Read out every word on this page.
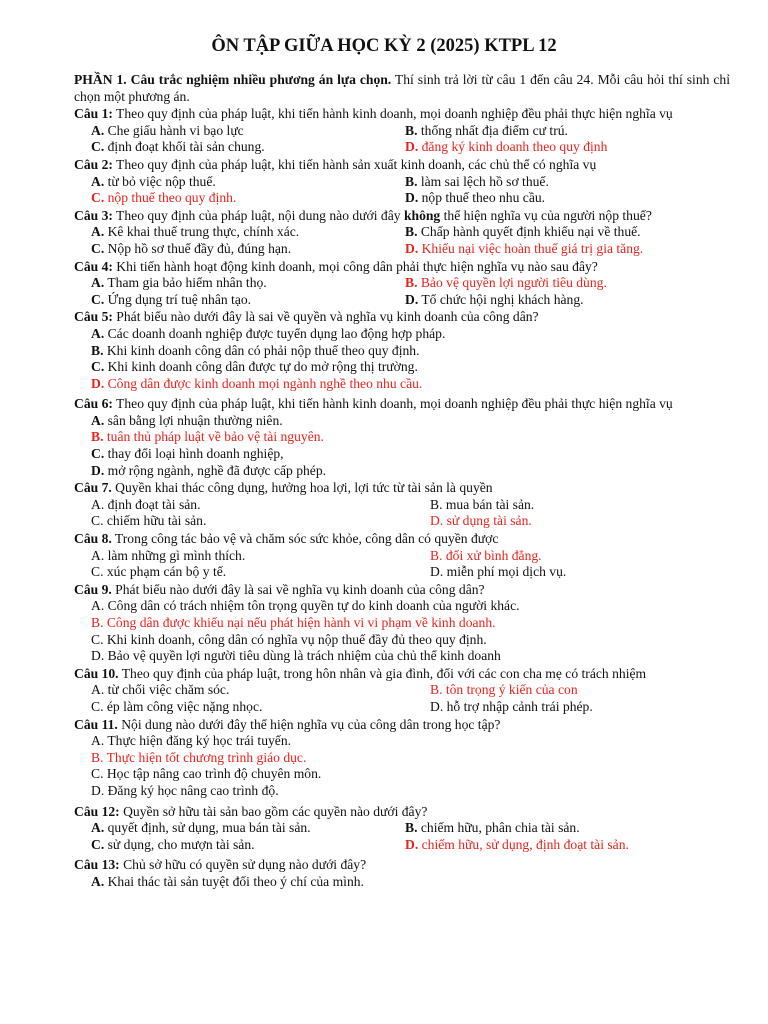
ÔN TẬP GIỮA HỌC KỲ 2 (2025) KTPL 12
PHẦN 1. Câu trắc nghiệm nhiều phương án lựa chọn. Thí sinh trả lời từ câu 1 đến câu 24. Mỗi câu hỏi thí sinh chỉ chọn một phương án.
Câu 1: Theo quy định của pháp luật, khi tiến hành kinh doanh, mọi doanh nghiệp đều phải thực hiện nghĩa vụ
A. Che giấu hành vi bạo lực	B. thống nhất địa điểm cư trú.
C. định đoạt khối tài sản chung.	D. đăng ký kinh doanh theo quy định
Câu 2: Theo quy định của pháp luật, khi tiến hành sản xuất kinh doanh, các chủ thể có nghĩa vụ
A. từ bỏ việc nộp thuế.	B. làm sai lệch hồ sơ thuế.
C. nộp thuế theo quy định.	D. nộp thuế theo nhu cầu.
Câu 3: Theo quy định của pháp luật, nội dung nào dưới đây không thể hiện nghĩa vụ của người nộp thuế?
A. Kê khai thuế trung thực, chính xác.	B. Chấp hành quyết định khiếu nại về thuế.
C. Nộp hồ sơ thuế đầy đủ, đúng hạn.	D. Khiếu nại việc hoàn thuế giá trị gia tăng.
Câu 4: Khi tiến hành hoạt động kinh doanh, mọi công dân phải thực hiện nghĩa vụ nào sau đây?
A. Tham gia bảo hiểm nhân thọ.	B. Bảo vệ quyền lợi người tiêu dùng.
C. Ứng dụng trí tuệ nhân tạo.	D. Tổ chức hội nghị khách hàng.
Câu 5: Phát biểu nào dưới đây là sai về quyền và nghĩa vụ kinh doanh của công dân?
A. Các doanh doanh nghiệp được tuyển dụng lao động hợp pháp.
B. Khi kinh doanh công dân có phải nộp thuế theo quy định.
C. Khi kinh doanh công dân được tự do mở rộng thị trường.
D. Công dân được kinh doanh mọi ngành nghề theo nhu cầu.
Câu 6: Theo quy định của pháp luật, khi tiến hành kinh doanh, mọi doanh nghiệp đều phải thực hiện nghĩa vụ
A. sân bằng lợi nhuận thường niên.
B. tuân thủ pháp luật về bảo vệ tài nguyên.
C. thay đổi loại hình doanh nghiệp,
D. mở rộng ngành, nghề đã được cấp phép.
Câu 7. Quyền khai thác công dụng, hưởng hoa lợi, lợi tức từ tài sản là quyền
A. định đoạt tài sản.	B. mua bán tài sản.
C. chiếm hữu tài sản.	D. sử dụng tài sản.
Câu 8. Trong công tác bảo vệ và chăm sóc sức khỏe, công dân có quyền được
A. làm những gì mình thích.	B. đối xử bình đẳng.
C. xúc phạm cán bộ y tế.	D. miễn phí mọi dịch vụ.
Câu 9. Phát biểu nào dưới đây là sai về nghĩa vụ kinh doanh của công dân?
A. Công dân có trách nhiệm tôn trọng quyền tự do kinh doanh của người khác.
B. Công dân được khiếu nại nếu phát hiện hành vi vi phạm về kinh doanh.
C. Khi kinh doanh, công dân có nghĩa vụ nộp thuế đầy đủ theo quy định.
D. Bảo vệ quyền lợi người tiêu dùng là trách nhiệm của chủ thể kinh doanh
Câu 10. Theo quy định của pháp luật, trong hôn nhân và gia đình, đối với các con cha mẹ có trách nhiệm
A. từ chối việc chăm sóc.	B. tôn trọng ý kiến của con
C. ép làm công việc nặng nhọc.	D. hỗ trợ nhập cảnh trái phép.
Câu 11. Nội dung nào dưới đây thể hiện nghĩa vụ của công dân trong học tập?
A. Thực hiện đăng ký học trái tuyến.
B. Thực hiện tốt chương trình giáo dục.
C. Học tập nâng cao trình độ chuyên môn.
D. Đăng ký học nâng cao trình độ.
Câu 12: Quyền sở hữu tài sản bao gồm các quyền nào dưới đây?
A. quyết định, sử dụng, mua bán tài sản.	B. chiếm hữu, phân chia tài sản.
C. sử dụng, cho mượn tài sản.	D. chiếm hữu, sử dụng, định đoạt tài sản.
Câu 13: Chủ sở hữu có quyền sử dụng nào dưới đây?
A. Khai thác tài sản tuyệt đối theo ý chí của mình.
